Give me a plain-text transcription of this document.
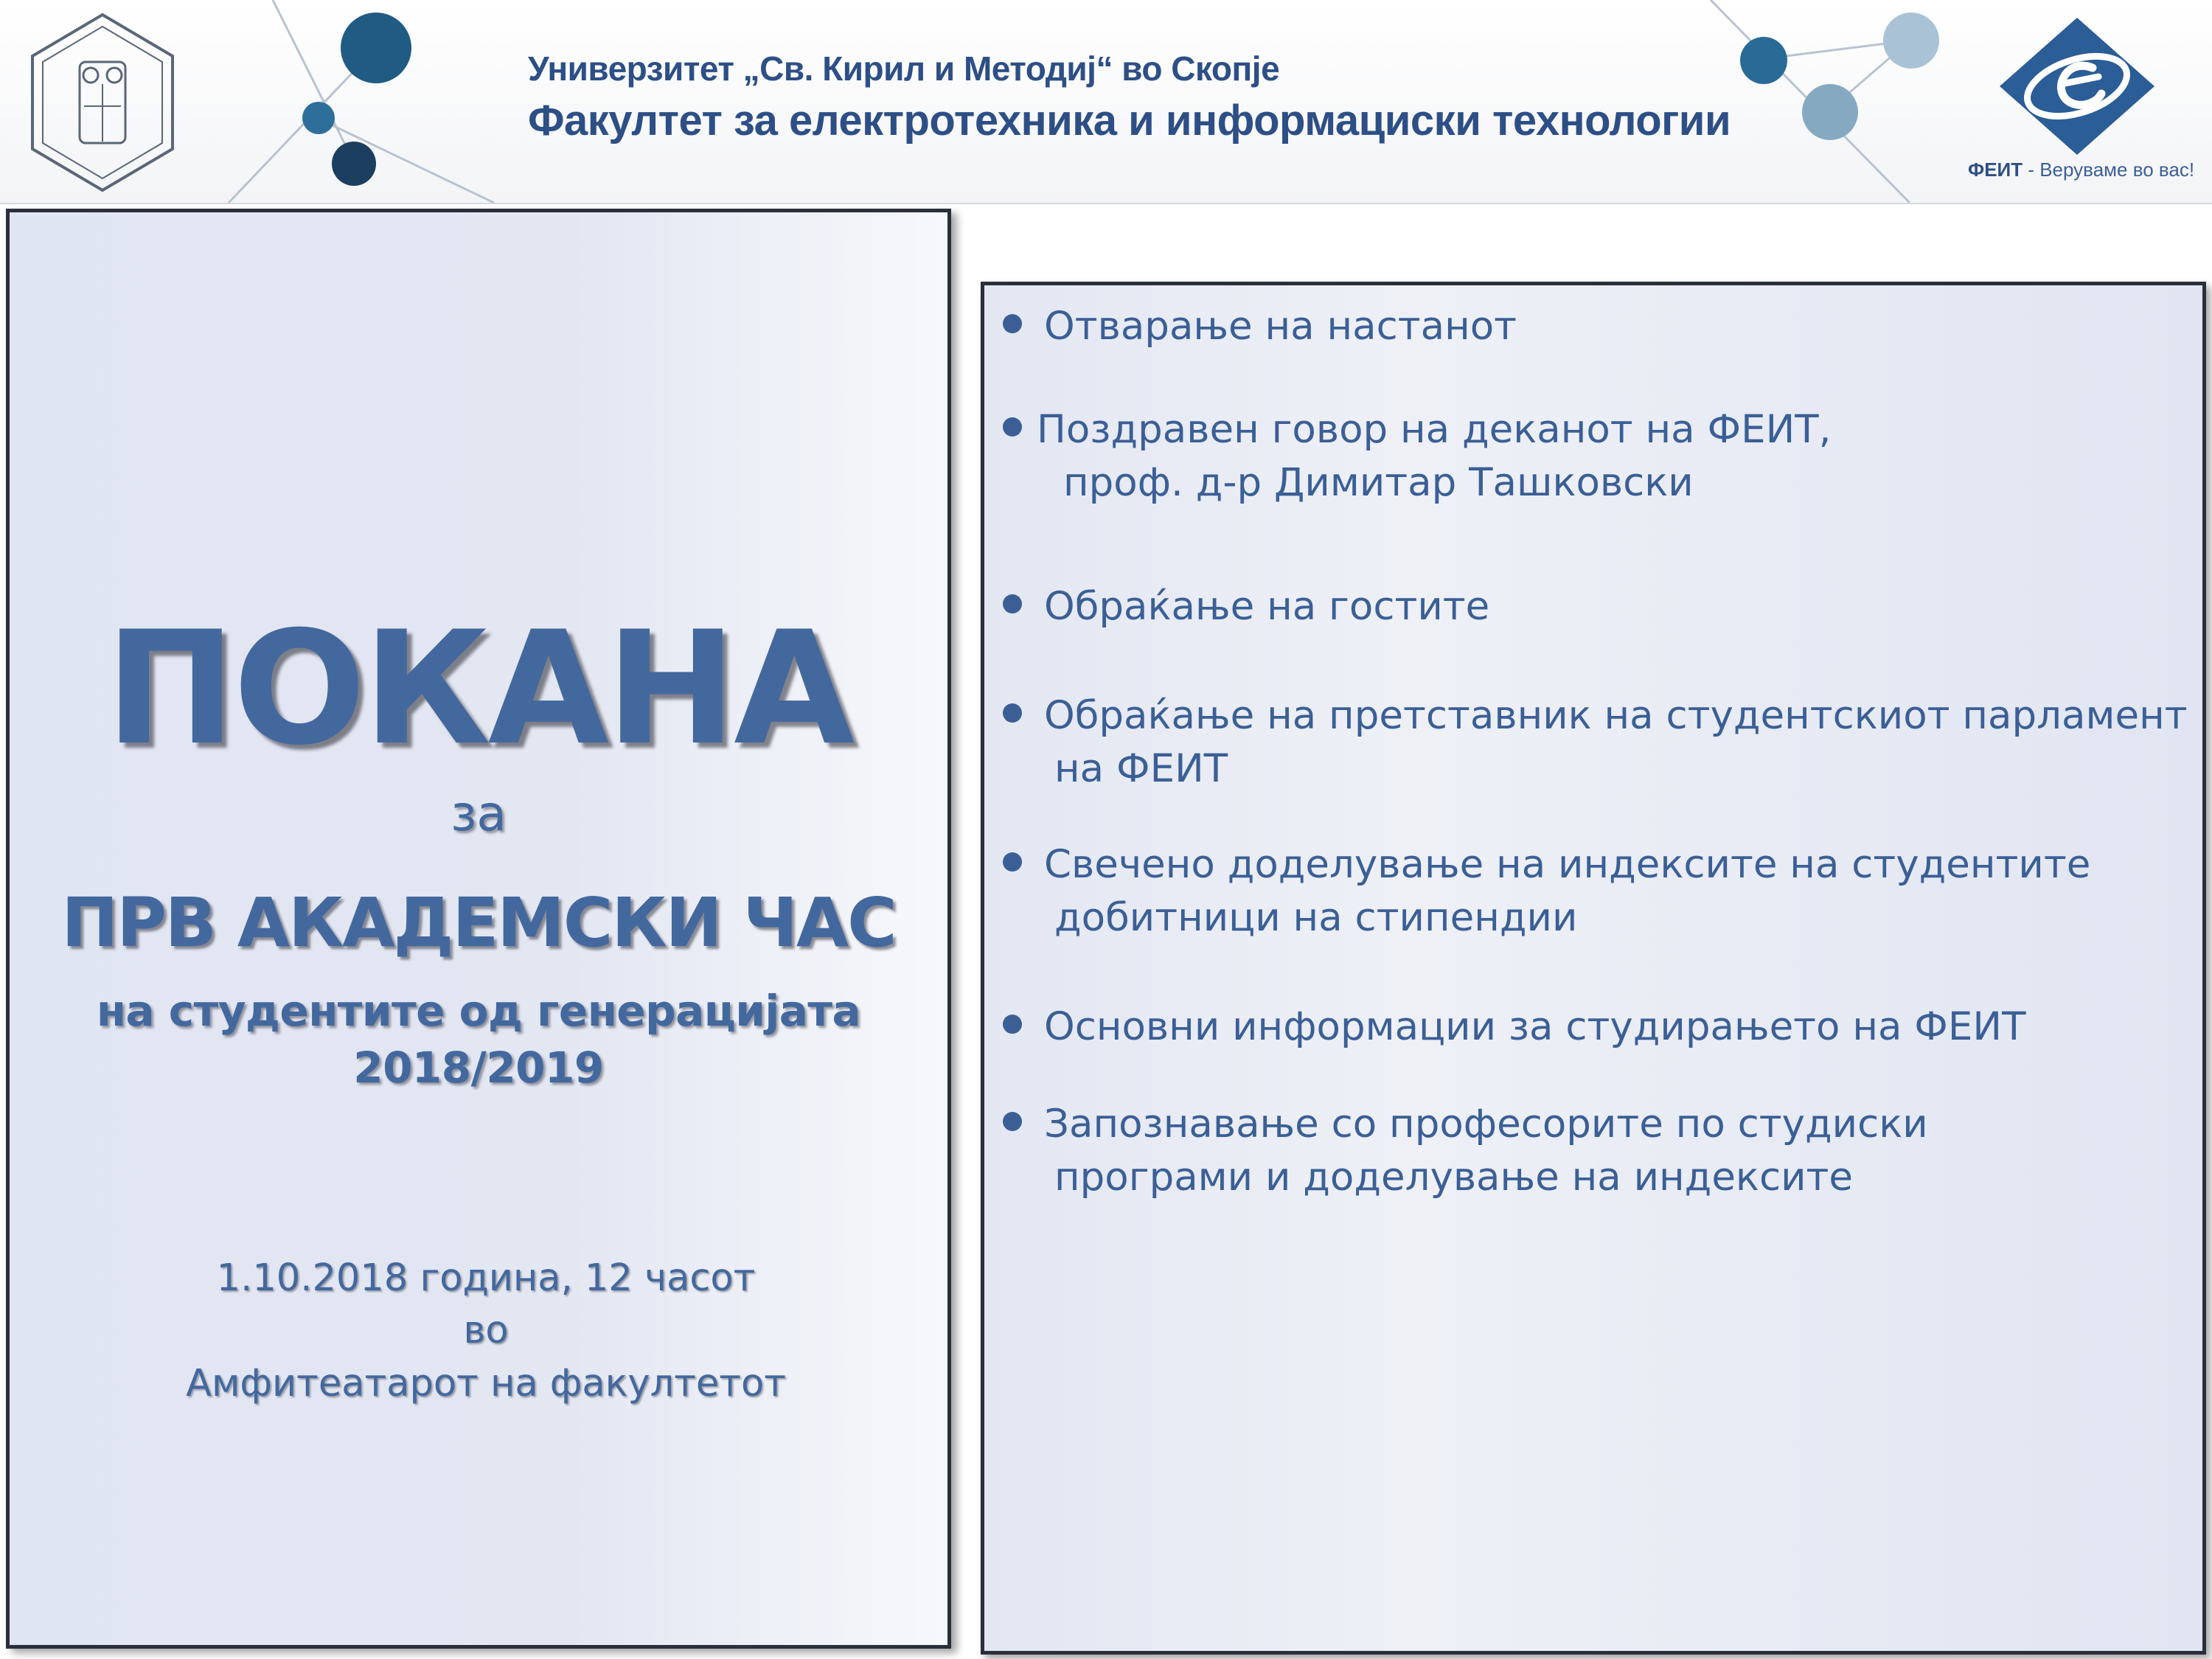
Универзитет „Св. Кирил и Методиј“ во Скопје
Факултет за електротехника и информациски технологии
ФЕИТ - Веруваме во вас!
ПОКАНА
за
ПРВ АКАДЕМСКИ ЧАС
на студентите од генерацијата
2018/2019
1.10.2018 година, 12 часот
во
Амфитеатарот на факултетот
Отварање на настанот
Поздравен говор на деканот на ФЕИТ,
проф. д-р Димитар Ташковски
Обраќање на гостите
Обраќање на претставник на студентскиот парламент
на ФЕИТ
Свечено доделување на индексите на студентите
добитници на стипендии
Основни информации за студирањето на ФЕИТ
Запознавање со професорите по студиски
програми и доделување на индексите
